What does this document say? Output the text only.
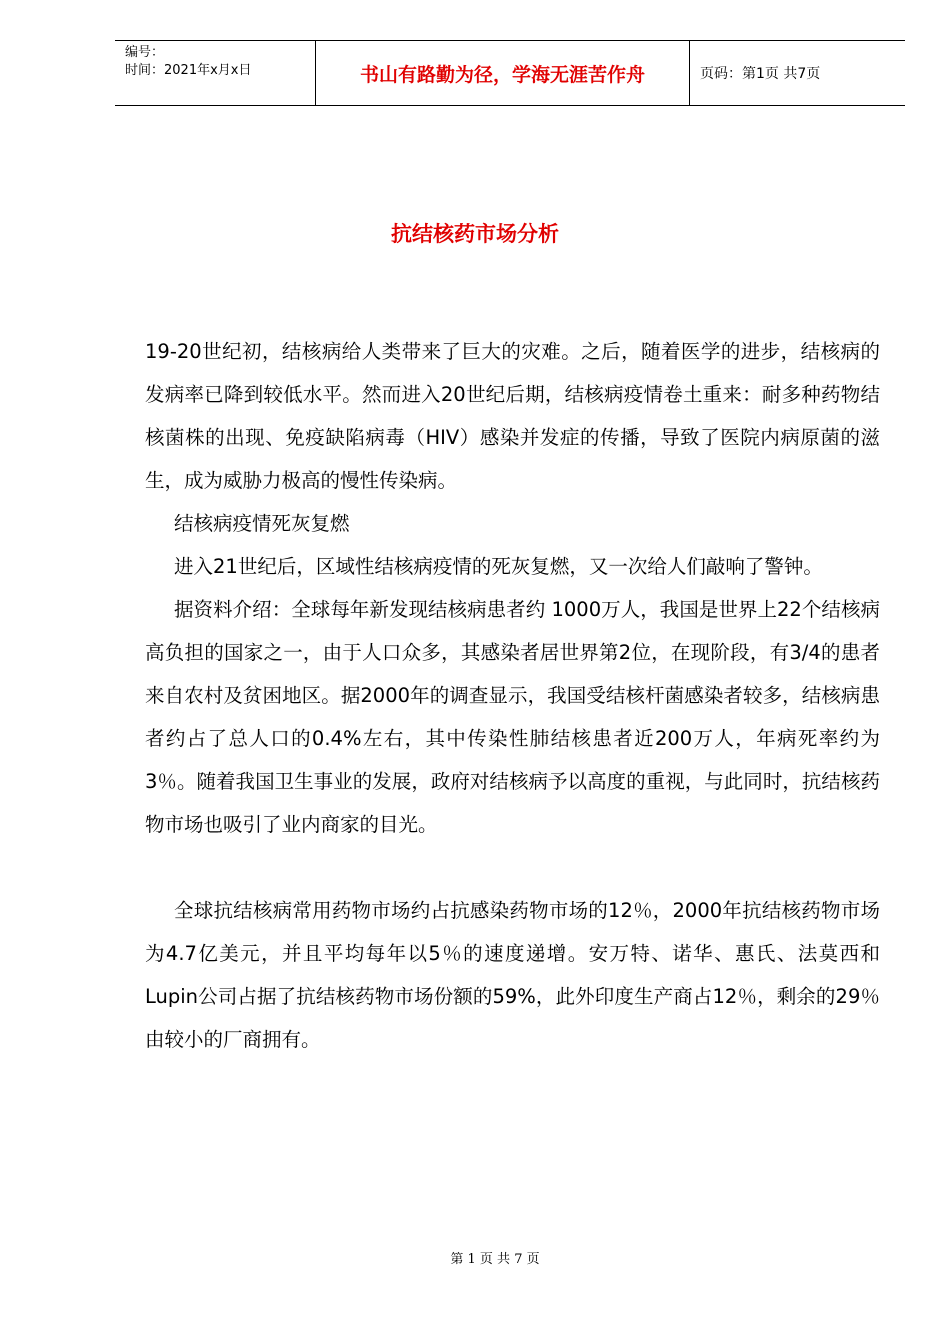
编号：
时间：2021年x月x日	书山有路勤为径，学海无涯苦作舟	页码：第1页 共7页
抗结核药市场分析

19-20世纪初，结核病给人类带来了巨大的灾难。之后，随着医学的进步，结核病的发病率已降到较低水平。然而进入20世纪后期，结核病疫情卷土重来：耐多种药物结核菌株的出现、免疫缺陷病毒（HIV）感染并发症的传播，导致了医院内病原菌的滋生，成为威胁力极高的慢性传染病。

结核病疫情死灰复燃

进入21世纪后，区域性结核病疫情的死灰复燃，又一次给人们敲响了警钟。

据资料介绍：全球每年新发现结核病患者约 1000万人，我国是世界上22个结核病高负担的国家之一，由于人口众多，其感染者居世界第2位，在现阶段，有3/4的患者来自农村及贫困地区。据2000年的调查显示，我国受结核杆菌感染者较多，结核病患者约占了总人口的0.4%左右，其中传染性肺结核患者近200万人，年病死率约为3％。随着我国卫生事业的发展，政府对结核病予以高度的重视，与此同时，抗结核药物市场也吸引了业内商家的目光。

全球抗结核病常用药物市场约占抗感染药物市场的12％，2000年抗结核药物市场为4.7亿美元，并且平均每年以5％的速度递增。安万特、诺华、惠氏、法莫西和Lupin公司占据了抗结核药物市场份额的59%，此外印度生产商占12％，剩余的29％由较小的厂商拥有。

第 1 页 共 7 页
